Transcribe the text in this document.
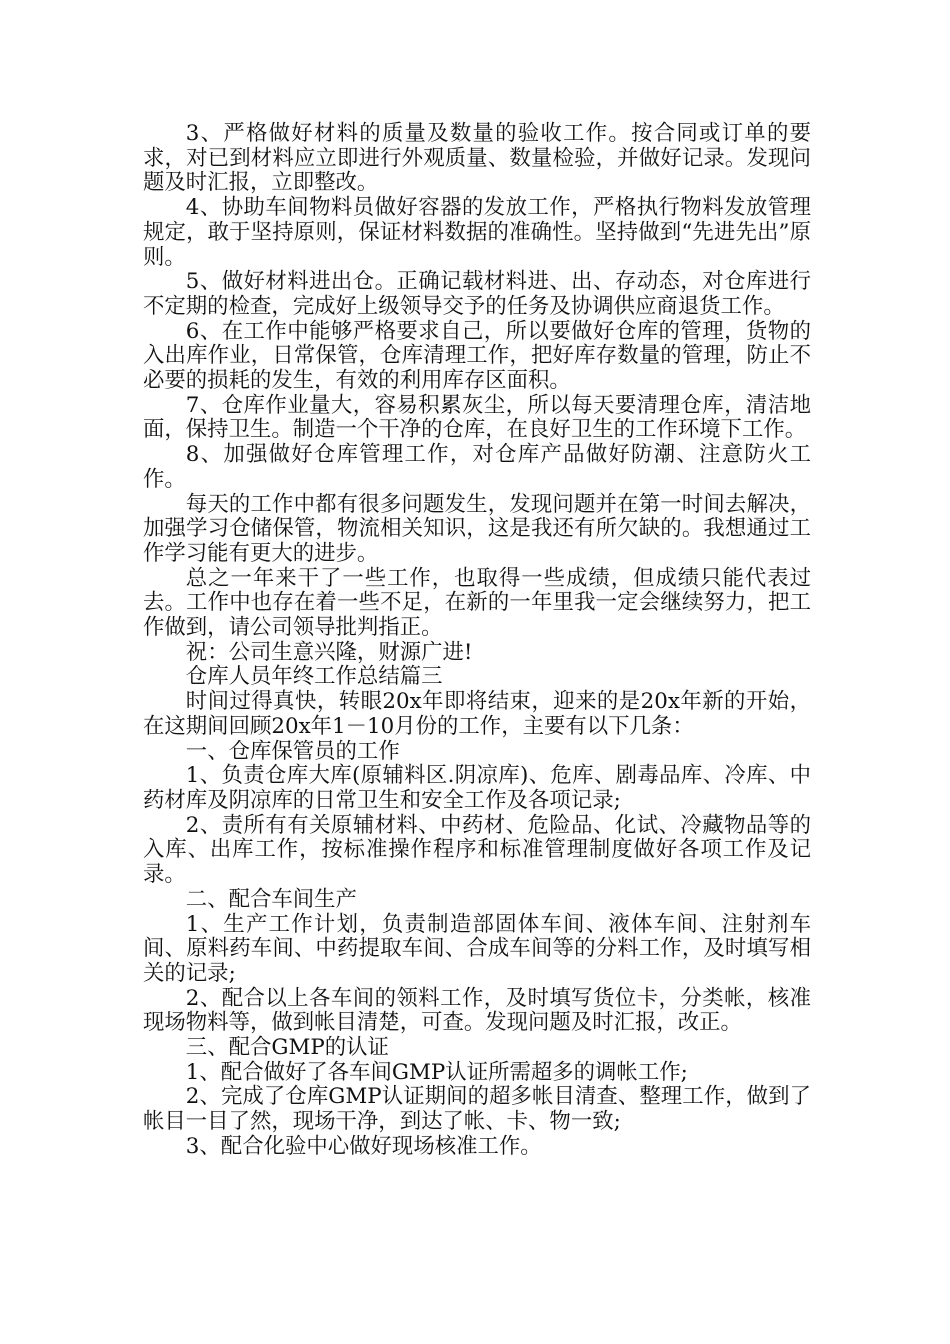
3、严格做好材料的质量及数量的验收工作。按合同或订单的要求，对已到材料应立即进行外观质量、数量检验，并做好记录。发现问题及时汇报，立即整改。

4、协助车间物料员做好容器的发放工作，严格执行物料发放管理规定，敢于坚持原则，保证材料数据的准确性。坚持做到“先进先出”原则。

5、做好材料进出仓。正确记载材料进、出、存动态，对仓库进行不定期的检查，完成好上级领导交予的任务及协调供应商退货工作。

6、在工作中能够严格要求自己，所以要做好仓库的管理，货物的入出库作业，日常保管，仓库清理工作，把好库存数量的管理，防止不必要的损耗的发生，有效的利用库存区面积。

7、仓库作业量大，容易积累灰尘，所以每天要清理仓库，清洁地面，保持卫生。制造一个干净的仓库，在良好卫生的工作环境下工作。

8、加强做好仓库管理工作，对仓库产品做好防潮、注意防火工作。

每天的工作中都有很多问题发生，发现问题并在第一时间去解决，加强学习仓储保管，物流相关知识，这是我还有所欠缺的。我想通过工作学习能有更大的进步。

总之一年来干了一些工作，也取得一些成绩，但成绩只能代表过去。工作中也存在着一些不足，在新的一年里我一定会继续努力，把工作做到，请公司领导批判指正。

祝：公司生意兴隆，财源广进!

仓库人员年终工作总结篇三

时间过得真快，转眼20x年即将结束，迎来的是20x年新的开始，在这期间回顾20x年1－10月份的工作，主要有以下几条：

一、仓库保管员的工作

1、负责仓库大库(原辅料区.阴凉库)、危库、剧毒品库、冷库、中药材库及阴凉库的日常卫生和安全工作及各项记录;

2、责所有有关原辅材料、中药材、危险品、化试、冷藏物品等的入库、出库工作，按标准操作程序和标准管理制度做好各项工作及记录。

二、配合车间生产

1、生产工作计划，负责制造部固体车间、液体车间、注射剂车间、原料药车间、中药提取车间、合成车间等的分料工作，及时填写相关的记录;

2、配合以上各车间的领料工作，及时填写货位卡，分类帐，核准现场物料等，做到帐目清楚，可查。发现问题及时汇报，改正。

三、配合GMP的认证

1、配合做好了各车间GMP认证所需超多的调帐工作;

2、完成了仓库GMP认证期间的超多帐目清查、整理工作，做到了帐目一目了然，现场干净，到达了帐、卡、物一致;

3、配合化验中心做好现场核准工作。
